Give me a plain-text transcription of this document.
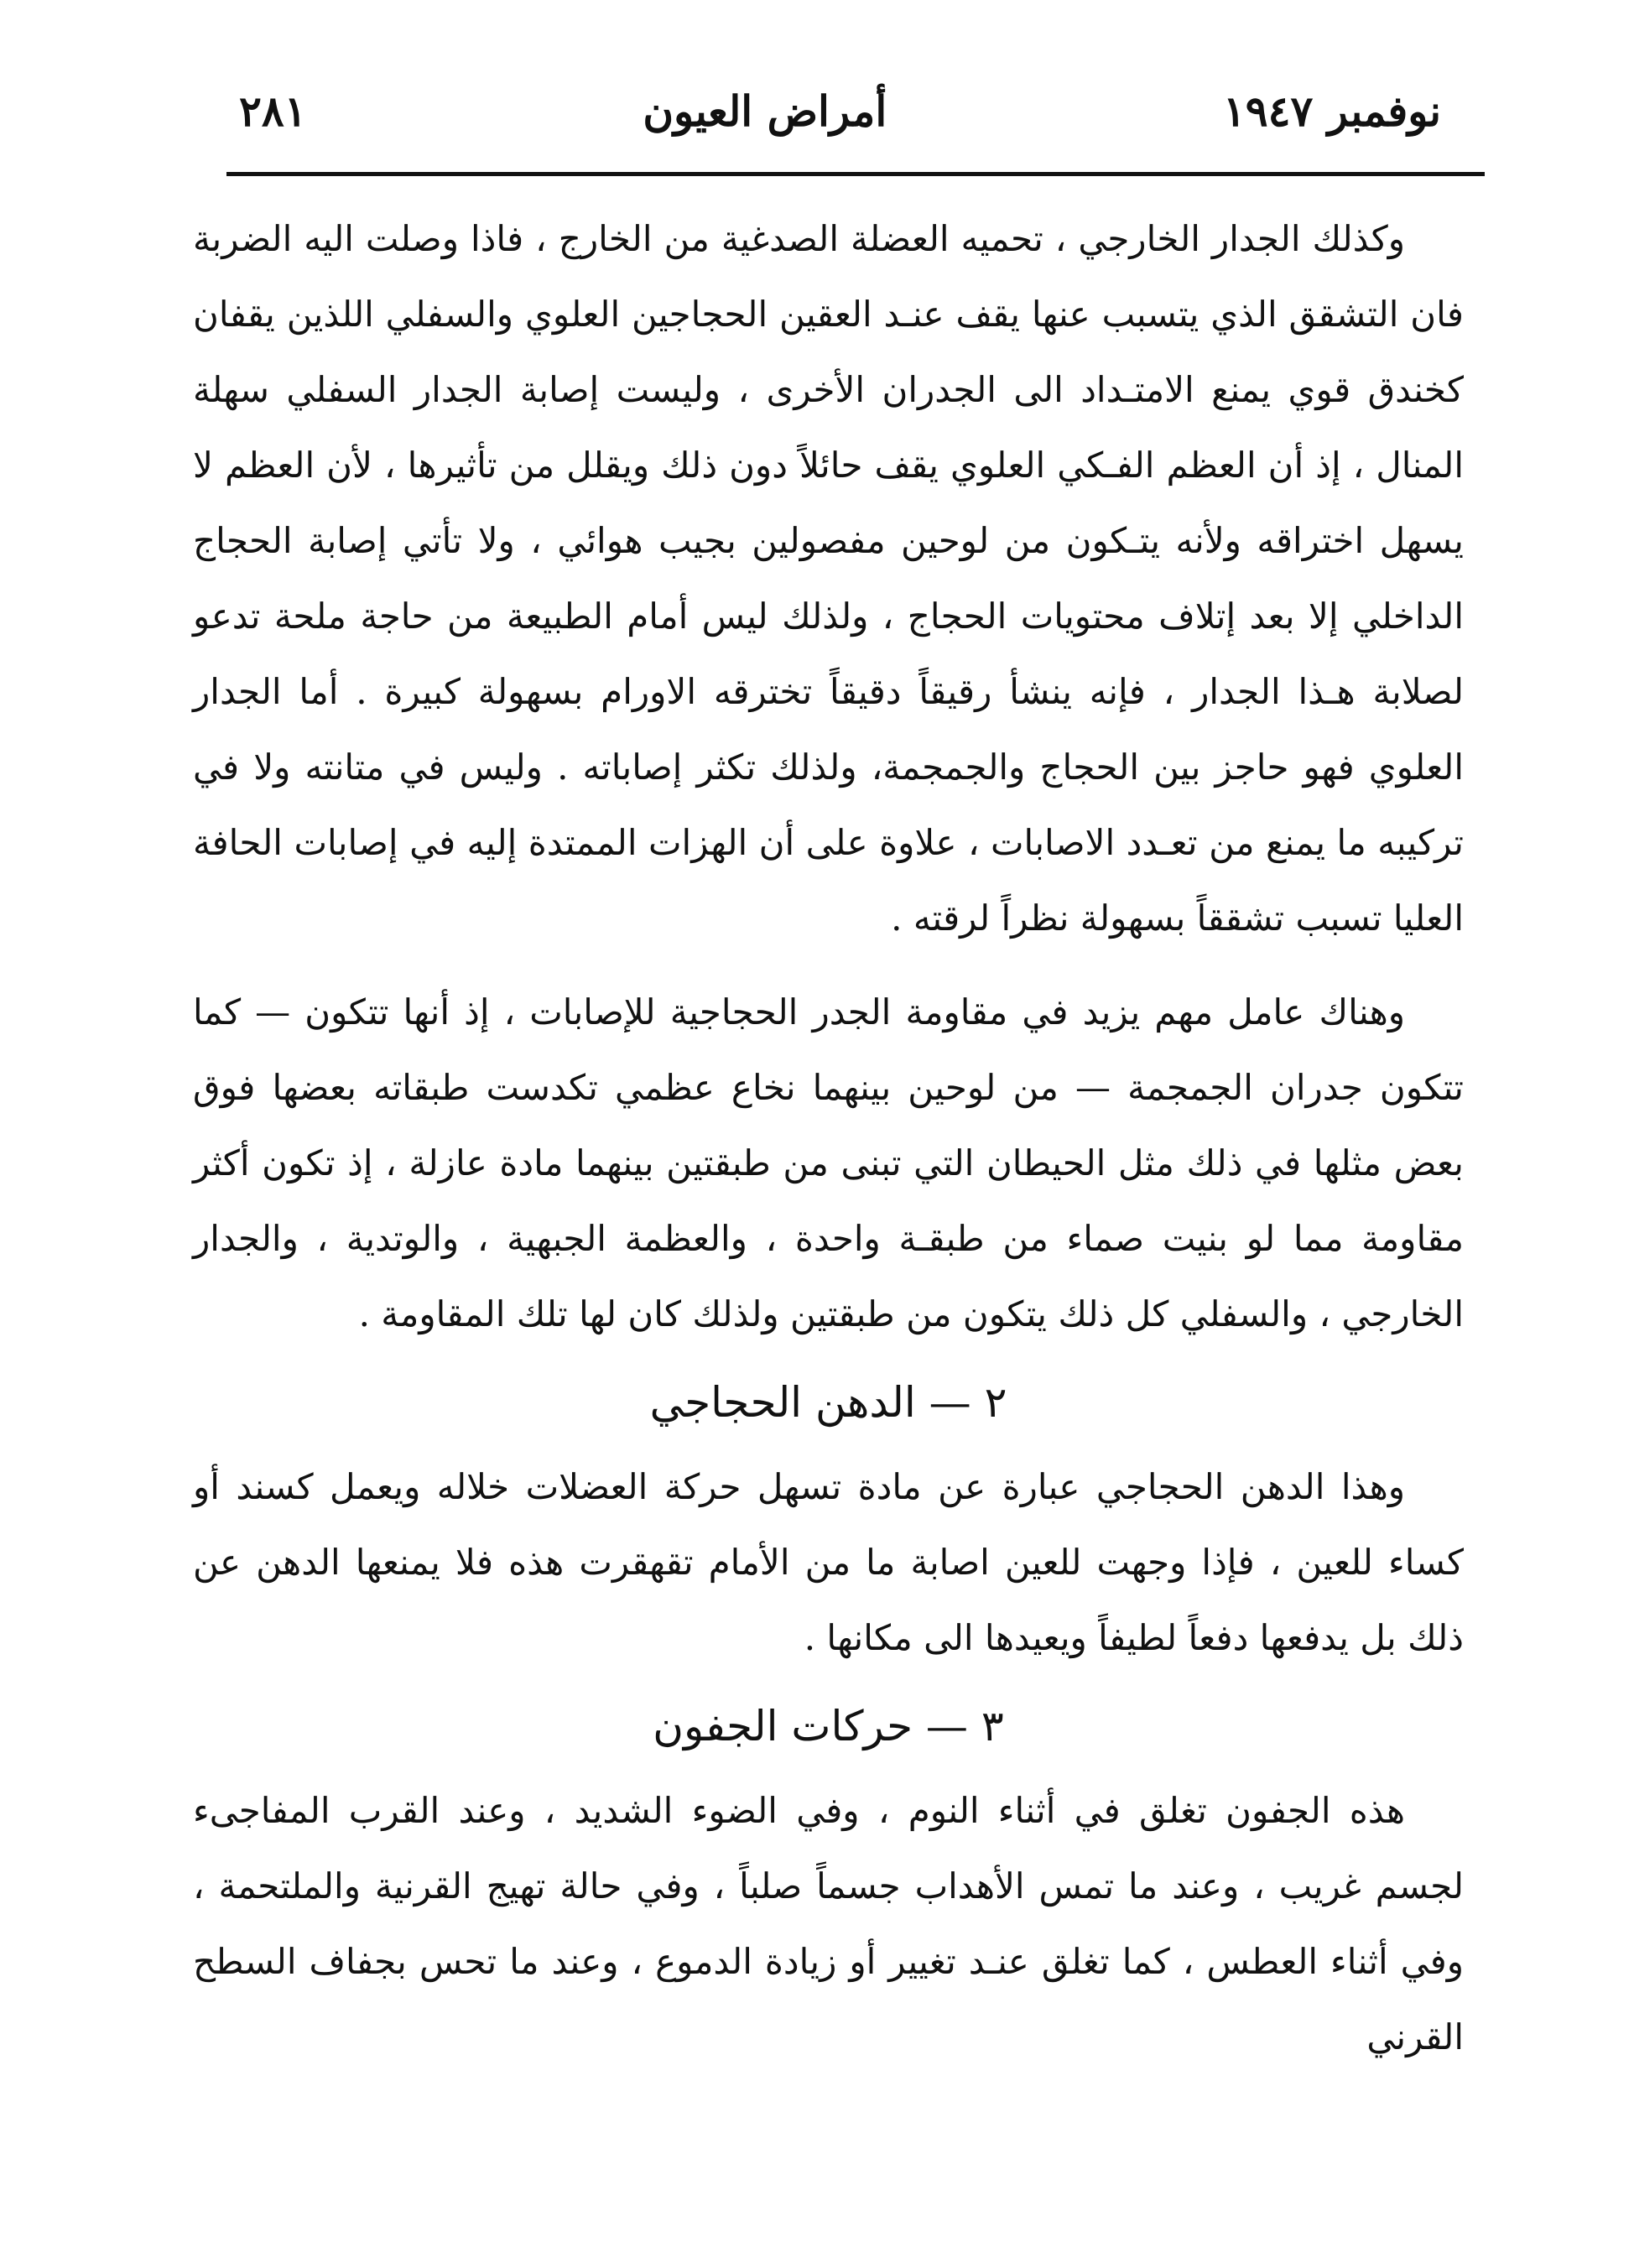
نوفمبر ١٩٤٧
أمراض العيون
٢٨١

وكذلك الجدار الخارجي ، تحميه العضلة الصدغية من الخارج ، فاذا وصلت اليه الضربة فان التشقق الذي يتسبب عنها يقف عنـد العقين الحجاجين العلوي والسفلي اللذين يقفان كخندق قوي يمنع الامتـداد الى الجدران الأخرى ، وليست إصابة الجدار السفلي سهلة المنال ، إذ أن العظم الفـكي العلوي يقف حائلاً دون ذلك ويقلل من تأثيرها ، لأن العظم لا يسهل اختراقه ولأنه يتـكون من لوحين مفصولين بجيب هوائي ، ولا تأتي إصابة الحجاج الداخلي إلا بعد إتلاف محتويات الحجاج ، ولذلك ليس أمام الطبيعة من حاجة ملحة تدعو لصلابة هـذا الجدار ، فإنه ينشأ رقيقاً دقيقاً تخترقه الاورام بسهولة كبيرة . أما الجدار العلوي فهو حاجز بين الحجاج والجمجمة، ولذلك تكثر إصاباته . وليس في متانته ولا في تركيبه ما يمنع من تعـدد الاصابات ، علاوة على أن الهزات الممتدة إليه في إصابات الحافة العليا تسبب تشققاً بسهولة نظراً لرقته .

وهناك عامل مهم يزيد في مقاومة الجدر الحجاجية للإصابات ، إذ أنها تتكون — كما تتكون جدران الجمجمة — من لوحين بينهما نخاع عظمي تكدست طبقاته بعضها فوق بعض مثلها في ذلك مثل الحيطان التي تبنى من طبقتين بينهما مادة عازلة ، إذ تكون أكثر مقاومة مما لو بنيت صماء من طبقـة واحدة ، والعظمة الجبهية ، والوتدية ، والجدار الخارجي ، والسفلي كل ذلك يتكون من طبقتين ولذلك كان لها تلك المقاومة .

٢ — الدهن الحجاجي

وهذا الدهن الحجاجي عبارة عن مادة تسهل حركة العضلات خلاله ويعمل كسند أو كساء للعين ، فإذا وجهت للعين اصابة ما من الأمام تقهقرت هذه فلا يمنعها الدهن عن ذلك بل يدفعها دفعاً لطيفاً ويعيدها الى مكانها .

٣ — حركات الجفون

هذه الجفون تغلق في أثناء النوم ، وفي الضوء الشديد ، وعند القرب المفاجىء لجسم غريب ، وعند ما تمس الأهداب جسماً صلباً ، وفي حالة تهيج القرنية والملتحمة ، وفي أثناء العطس ، كما تغلق عنـد تغيير أو زيادة الدموع ، وعند ما تحس بجفاف السطح القرني
